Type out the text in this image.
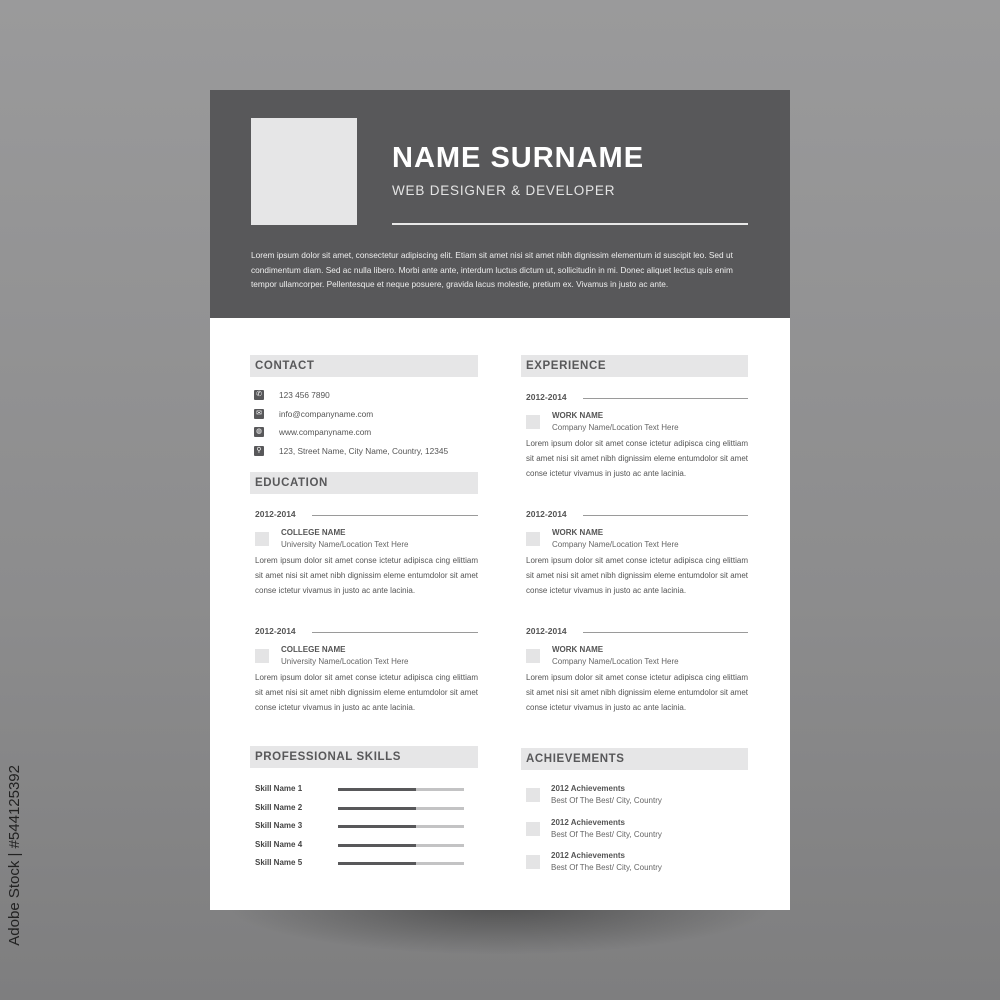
NAME SURNAME
WEB DESIGNER & DEVELOPER
Lorem ipsum dolor sit amet, consectetur adipiscing elit. Etiam sit amet nisi sit amet nibh dignissim elementum id suscipit leo. Sed ut condimentum diam. Sed ac nulla libero. Morbi ante ante, interdum luctus dictum ut, sollicitudin in mi. Donec aliquet lectus quis enim tempor ullamcorper. Pellentesque et neque posuere, gravida lacus molestie, pretium ex. Vivamus in justo ac ante.
CONTACT
✆ 123 456 7890
✉ info@companyname.com
◍ www.companyname.com
⚲ 123, Street Name, City Name, Country, 12345
EDUCATION
2012-2014
COLLEGE NAME
University Name/Location Text Here
Lorem ipsum dolor sit amet conse ictetur adipisca cing elittiam sit amet nisi sit amet nibh dignissim eleme entumdolor sit amet conse ictetur vivamus in justo ac ante lacinia.
2012-2014
COLLEGE NAME
University Name/Location Text Here
Lorem ipsum dolor sit amet conse ictetur adipisca cing elittiam sit amet nisi sit amet nibh dignissim eleme entumdolor sit amet conse ictetur vivamus in justo ac ante lacinia.
EXPERIENCE
2012-2014
WORK NAME
Company Name/Location Text Here
Lorem ipsum dolor sit amet conse ictetur adipisca cing elittiam sit amet nisi sit amet nibh dignissim eleme entumdolor sit amet conse ictetur vivamus in justo ac ante lacinia.
2012-2014
WORK NAME
Company Name/Location Text Here
Lorem ipsum dolor sit amet conse ictetur adipisca cing elittiam sit amet nisi sit amet nibh dignissim eleme entumdolor sit amet conse ictetur vivamus in justo ac ante lacinia.
2012-2014
WORK NAME
Company Name/Location Text Here
Lorem ipsum dolor sit amet conse ictetur adipisca cing elittiam sit amet nisi sit amet nibh dignissim eleme entumdolor sit amet conse ictetur vivamus in justo ac ante lacinia.
PROFESSIONAL SKILLS
Skill Name 1
Skill Name 2
Skill Name 3
Skill Name 4
Skill Name 5
ACHIEVEMENTS
2012 Achievements
Best Of The Best/ City, Country
2012 Achievements
Best Of The Best/ City, Country
2012 Achievements
Best Of The Best/ City, Country
Adobe Stock | #544125392
